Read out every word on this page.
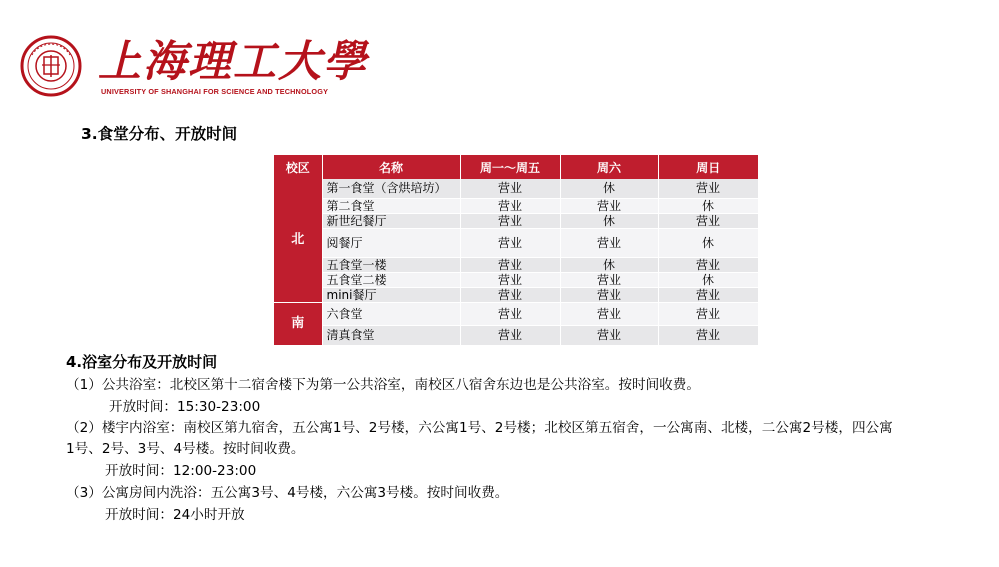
上海理工大學
UNIVERSITY OF SHANGHAI FOR SCIENCE AND TECHNOLOGY
3.食堂分布、开放时间
校区	名称	周一～周五	周六	周日
北	第一食堂（含烘培坊）	营业	休	营业
	第二食堂	营业	营业	休
	新世纪餐厅	营业	休	营业
	阅餐厅	营业	营业	休
	五食堂一楼	营业	休	营业
	五食堂二楼	营业	营业	休
	mini餐厅	营业	营业	营业
南	六食堂	营业	营业	营业
	清真食堂	营业	营业	营业
4.浴室分布及开放时间
（1）公共浴室：北校区第十二宿舍楼下为第一公共浴室，南校区八宿舍东边也是公共浴室。按时间收费。
开放时间：15:30-23:00
（2）楼宇内浴室：南校区第九宿舍，五公寓1号、2号楼，六公寓1号、2号楼；北校区第五宿舍，一公寓南、北楼，二公寓2号楼，四公寓
1号、2号、3号、4号楼。按时间收费。
开放时间：12:00-23:00
（3）公寓房间内洗浴：五公寓3号、4号楼，六公寓3号楼。按时间收费。
开放时间：24小时开放
